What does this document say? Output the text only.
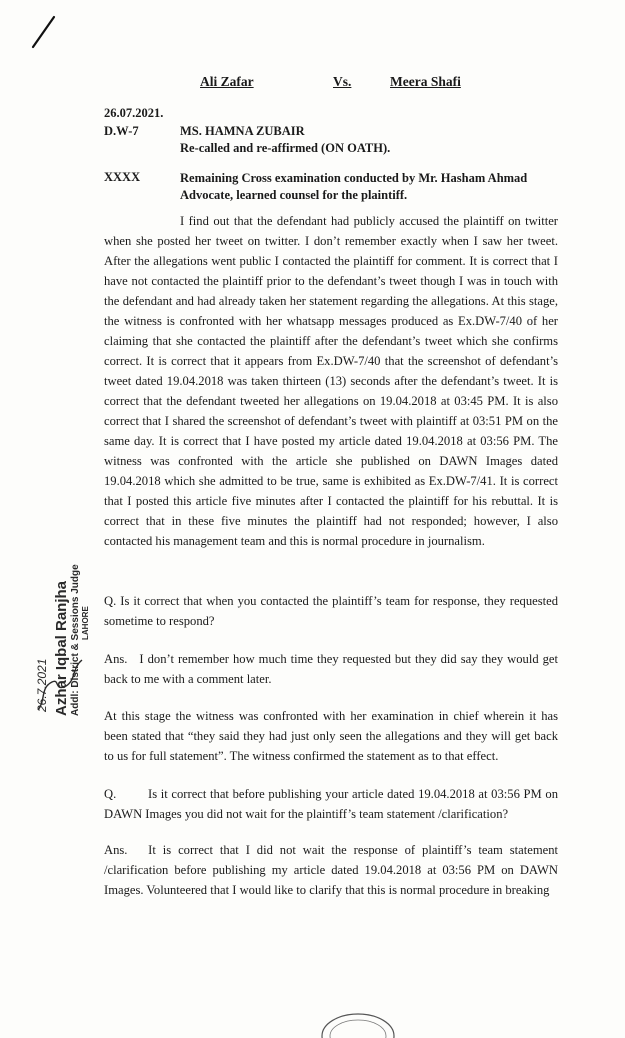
Ali Zafar	Vs.	Meera Shafi
26.07.2021.
D.W-7	MS. HAMNA ZUBAIR
Re-called and re-affirmed (ON OATH).
XXXX	Remaining Cross examination conducted by Mr. Hasham Ahmad Advocate, learned counsel for the plaintiff.
I find out that the defendant had publicly accused the plaintiff on twitter when she posted her tweet on twitter. I don’t remember exactly when I saw her tweet. After the allegations went public I contacted the plaintiff for comment. It is correct that I have not contacted the plaintiff prior to the defendant’s tweet though I was in touch with the defendant and had already taken her statement regarding the allegations. At this stage, the witness is confronted with her whatsapp messages produced as Ex.DW-7/40 of her claiming that she contacted the plaintiff after the defendant’s tweet which she confirms correct. It is correct that it appears from Ex.DW-7/40 that the screenshot of defendant’s tweet dated 19.04.2018 was taken thirteen (13) seconds after the defendant’s tweet. It is correct that the defendant tweeted her allegations on 19.04.2018 at 03:45 PM. It is also correct that I shared the screenshot of defendant’s tweet with plaintiff at 03:51 PM on the same day. It is correct that I have posted my article dated 19.04.2018 at 03:56 PM. The witness was confronted with the article she published on DAWN Images dated 19.04.2018 which she admitted to be true, same is exhibited as Ex.DW-7/41. It is correct that I posted this article five minutes after I contacted the plaintiff for his rebuttal. It is correct that in these five minutes the plaintiff had not responded; however, I also contacted his management team and this is normal procedure in journalism.
Q. Is it correct that when you contacted the plaintiff’s team for response, they requested sometime to respond?
Ans. I don’t remember how much time they requested but they did say they would get back to me with a comment later.
At this stage the witness was confronted with her examination in chief wherein it has been stated that “they said they had just only seen the allegations and they will get back to us for full statement”. The witness confirmed the statement as to that effect.
Q.	Is it correct that before publishing your article dated 19.04.2018 at 03:56 PM on DAWN Images you did not wait for the plaintiff’s team statement /clarification?
Ans. It is correct that I did not wait the response of plaintiff’s team statement /clarification before publishing my article dated 19.04.2018 at 03:56 PM on DAWN Images. Volunteered that I would like to clarify that this is normal procedure in breaking
26.7.2021 Azhar Iqbal Ranjha Addl: District & Sessions Judge LAHORE
